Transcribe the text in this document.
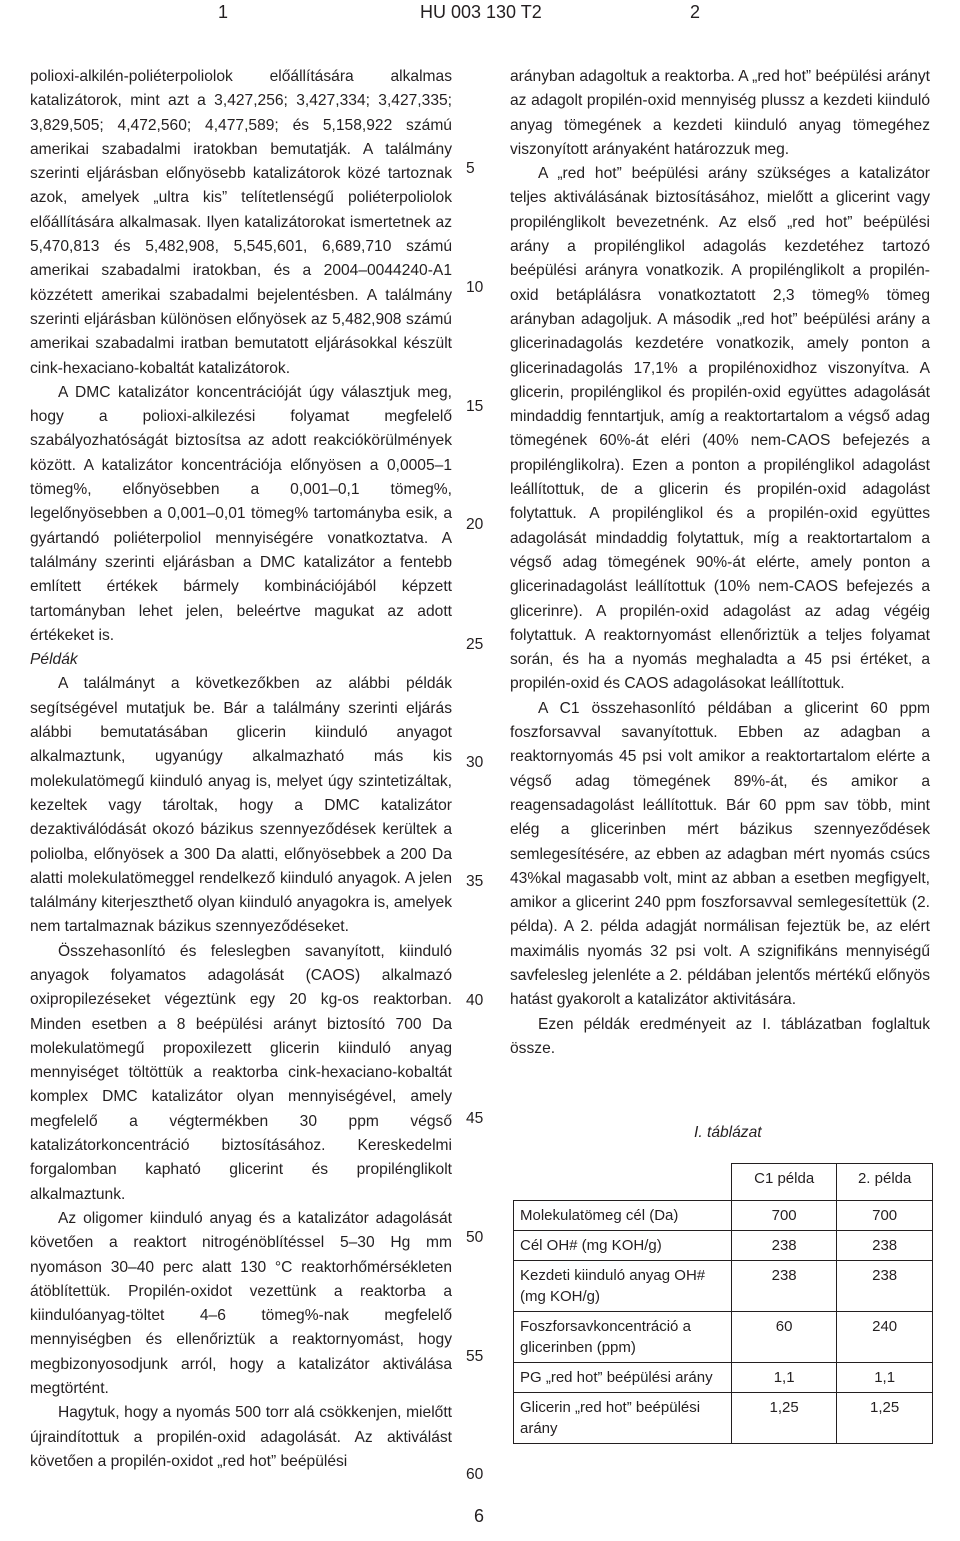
1	HU 003 130 T2	2

polioxi-alkilén-poliéterpoliolok előállítására alkalmas katalizátorok, mint azt a 3,427,256; 3,427,334; 3,427,335; 3,829,505; 4,472,560; 4,477,589; és 5,158,922 számú amerikai szabadalmi iratokban bemutatják. A találmány szerinti eljárásban előnyösebb katalizátorok közé tartoznak azok, amelyek „ultra kis” telítetlenségű poliéterpoliolok előállítására alkalmasak. Ilyen katalizátorokat ismertetnek az 5,470,813 és 5,482,908, 5,545,601, 6,689,710 számú amerikai szabadalmi iratokban, és a 2004–0044240-A1 közzétett amerikai szabadalmi bejelentésben. A találmány szerinti eljárásban különösen előnyösek az 5,482,908 számú amerikai szabadalmi iratban bemutatott eljárásokkal készült cink-hexaciano-kobaltát katalizátorok.

A DMC katalizátor koncentrációját úgy választjuk meg, hogy a polioxi-alkilezési folyamat megfelelő szabályozhatóságát biztosítsa az adott reakciókörülmények között. A katalizátor koncentrációja előnyösen a 0,0005–1 tömeg%, előnyösebben a 0,001–0,1 tömeg%, legelőnyösebben a 0,001–0,01 tömeg% tartományba esik, a gyártandó poliéterpoliol mennyiségére vonatkoztatva. A találmány szerinti eljárásban a DMC katalizátor a fentebb említett értékek bármely kombinációjából képzett tartományban lehet jelen, beleértve magukat az adott értékeket is.

Példák

A találmányt a következőkben az alábbi példák segítségével mutatjuk be. Bár a találmány szerinti eljárás alábbi bemutatásában glicerin kiinduló anyagot alkalmaztunk, ugyanúgy alkalmazható más kis molekulatömegű kiinduló anyag is, melyet úgy szintetizáltak, kezeltek vagy tároltak, hogy a DMC katalizátor dezaktiválódását okozó bázikus szennyeződések kerültek a poliolba, előnyösek a 300 Da alatti, előnyösebbek a 200 Da alatti molekulatömeggel rendelkező kiinduló anyagok. A jelen találmány kiterjeszthető olyan kiinduló anyagokra is, amelyek nem tartalmaznak bázikus szennyeződéseket.

Összehasonlító és feleslegben savanyított, kiinduló anyagok folyamatos adagolását (CAOS) alkalmazó oxipropilezéseket végeztünk egy 20 kg-os reaktorban. Minden esetben a 8 beépülési arányt biztosító 700 Da molekulatömegű propoxilezett glicerin kiinduló anyag mennyiséget töltöttük a reaktorba cink-hexaciano-kobaltát komplex DMC katalizátor olyan mennyiségével, amely megfelelő a végtermékben 30 ppm végső katalizátorkoncentráció biztosításához. Kereskedelmi forgalomban kapható glicerint és propilénglikolt alkalmaztunk.

Az oligomer kiinduló anyag és a katalizátor adagolását követően a reaktort nitrogénöblítéssel 5–30 Hg mm nyomáson 30–40 perc alatt 130 °C reaktorhőmérsékleten átöblítettük. Propilén-oxidot vezettünk a reaktorba a kiindulóanyag-töltet 4–6 tömeg%-nak megfelelő mennyiségben és ellenőriztük a reaktornyomást, hogy megbizonyosodjunk arról, hogy a katalizátor aktiválása megtörtént.

Hagytuk, hogy a nyomás 500 torr alá csökkenjen, mielőtt újraindítottuk a propilén-oxid adagolását. Az aktiválást követően a propilén-oxidot „red hot” beépülési

5
10
15
20
25
30
35
40
45
50
55
60

arányban adagoltuk a reaktorba. A „red hot” beépülési arányt az adagolt propilén-oxid mennyiség plussz a kezdeti kiinduló anyag tömegének a kezdeti kiinduló anyag tömegéhez viszonyított arányaként határozzuk meg.

A „red hot” beépülési arány szükséges a katalizátor teljes aktiválásának biztosításához, mielőtt a glicerint vagy propilénglikolt bevezetnénk. Az első „red hot” beépülési arány a propilénglikol adagolás kezdetéhez tartozó beépülési arányra vonatkozik. A propilénglikolt a propilén-oxid betáplálásra vonatkoztatott 2,3 tömeg% tömeg arányban adagoljuk. A második „red hot” beépülési arány a glicerinadagolás kezdetére vonatkozik, amely ponton a glicerinadagolás 17,1% a propilénoxidhoz viszonyítva. A glicerin, propilénglikol és propilén-oxid együttes adagolását mindaddig fenntartjuk, amíg a reaktortartalom a végső adag tömegének 60%-át eléri (40% nem-CAOS befejezés a propilénglikolra). Ezen a ponton a propilénglikol adagolást leállítottuk, de a glicerin és propilén-oxid adagolást folytattuk. A propilénglikol és a propilén-oxid együttes adagolását mindaddig folytattuk, míg a reaktortartalom a végső adag tömegének 90%-át elérte, amely ponton a glicerinadagolást leállítottuk (10% nem-CAOS befejezés a glicerinre). A propilén-oxid adagolást az adag végéig folytattuk. A reaktornyomást ellenőriztük a teljes folyamat során, és ha a nyomás meghaladta a 45 psi értéket, a propilén-oxid és CAOS adagolásokat leállítottuk.

A C1 összehasonlító példában a glicerint 60 ppm foszforsavval savanyítottuk. Ebben az adagban a reaktornyomás 45 psi volt amikor a reaktortartalom elérte a végső adag tömegének 89%-át, és amikor a reagensadagolást leállítottuk. Bár 60 ppm sav több, mint elég a glicerinben mért bázikus szennyeződések semlegesítésére, az ebben az adagban mért nyomás csúcs 43%kal magasabb volt, mint az abban a esetben megfigyelt, amikor a glicerint 240 ppm foszforsavval semlegesítettük (2. példa). A 2. példa adagját normálisan fejeztük be, az elért maximális nyomás 32 psi volt. A szignifikáns mennyiségű savfelesleg jelenléte a 2. példában jelentős mértékű előnyös hatást gyakorolt a katalizátor aktivitására.

Ezen példák eredményeit az I. táblázatban foglaltuk össze.

I. táblázat
	C1 példa	2. példa
Molekulatömeg cél (Da)	700	700
Cél OH# (mg KOH/g)	238	238
Kezdeti kiinduló anyag OH# (mg KOH/g)	238	238
Foszforsavkoncentráció a glicerinben (ppm)	60	240
PG „red hot” beépülési arány	1,1	1,1
Glicerin „red hot” beépülési arány	1,25	1,25
6
